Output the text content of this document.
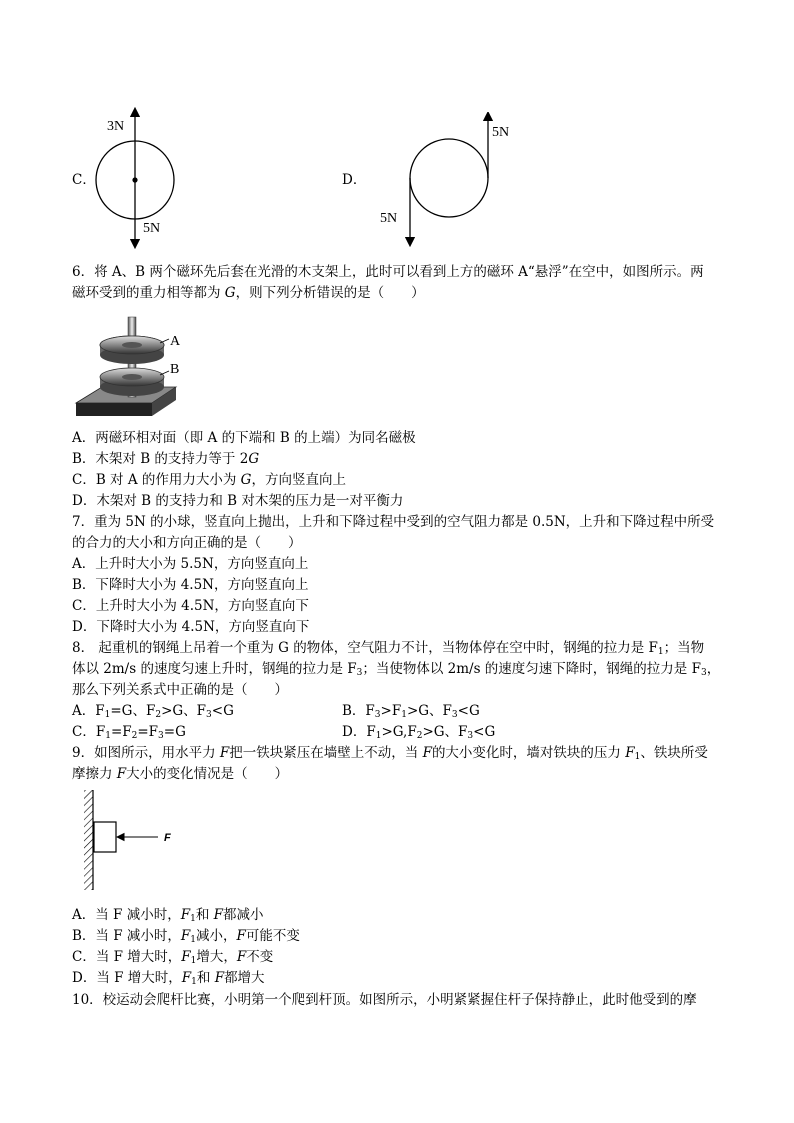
C．
3N
5N
D．
5N
5N
6．将 A、B 两个磁环先后套在光滑的木支架上，此时可以看到上方的磁环 A“悬浮”在空中，如图所示。两
磁环受到的重力相等都为 G，则下列分析错误的是（　　）
A
B
A．两磁环相对面（即 A 的下端和 B 的上端）为同名磁极
B．木架对 B 的支持力等于 2G
C．B 对 A 的作用力大小为 G，方向竖直向上
D．木架对 B 的支持力和 B 对木架的压力是一对平衡力
7．重为 5N 的小球，竖直向上抛出，上升和下降过程中受到的空气阻力都是 0.5N，上升和下降过程中所受
的合力的大小和方向正确的是（　　）
A．上升时大小为 5.5N，方向竖直向上
B．下降时大小为 4.5N，方向竖直向上
C．上升时大小为 4.5N，方向竖直向下
D．下降时大小为 4.5N，方向竖直向下
8． 起重机的钢绳上吊着一个重为 G 的物体，空气阻力不计，当物体停在空中时，钢绳的拉力是 $F_1$；当物
体以 2m/s 的速度匀速上升时，钢绳的拉力是 $F_3$；当使物体以 2m/s 的速度匀速下降时，钢绳的拉力是 $F_3$，
那么下列关系式中正确的是（　　）
A．$F_1=G$、$F_2>G$、$F_3<G$	B．$F_3>F_1>G$、$F_3<G$
C．$F_1=F_2=F_3=G$	D．$F_1>G,F_2>G$、$F_3<G$
9．如图所示，用水平力 F把一铁块紧压在墙壁上不动，当 F的大小变化时，墙对铁块的压力 $F_1$、铁块所受
摩擦力 F大小的变化情况是（　　）
F
A．当 F 减小时，$F_1$和 F都减小
B．当 F 减小时，$F_1$减小，F可能不变
C．当 F 增大时，$F_1$增大，F不变
D．当 F 增大时，$F_1$和 F都增大
10．校运动会爬杆比赛，小明第一个爬到杆顶。如图所示，小明紧紧握住杆子保持静止，此时他受到的摩
